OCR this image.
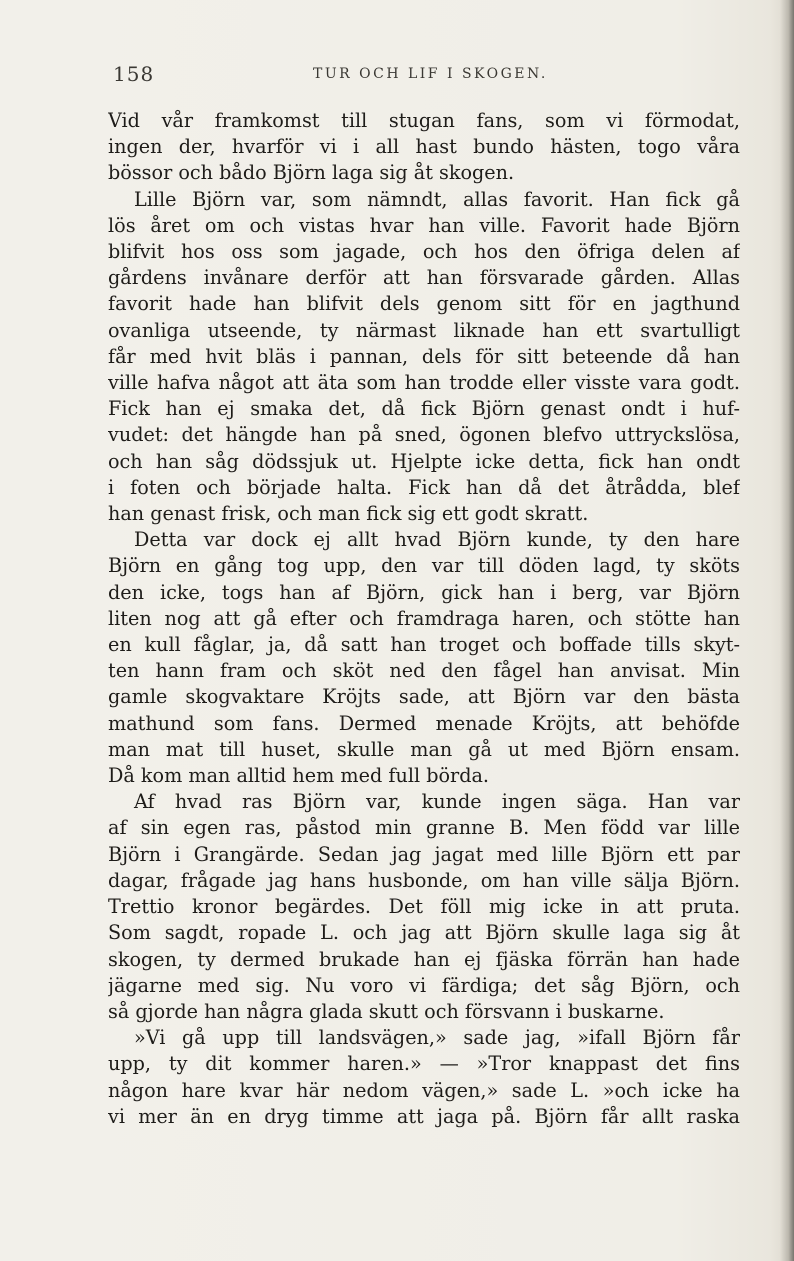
158	TUR OCH LIF I SKOGEN.
Vid vår framkomst till stugan fans, som vi förmodat,
ingen der, hvarför vi i all hast bundo hästen, togo våra
bössor och bådo Björn laga sig åt skogen.
Lille Björn var, som nämndt, allas favorit. Han fick gå
lös året om och vistas hvar han ville. Favorit hade Björn
blifvit hos oss som jagade, och hos den öfriga delen af
gårdens invånare derför att han försvarade gården. Allas
favorit hade han blifvit dels genom sitt för en jagthund
ovanliga utseende, ty närmast liknade han ett svartulligt
får med hvit bläs i pannan, dels för sitt beteende då han
ville hafva något att äta som han trodde eller visste vara godt.
Fick han ej smaka det, då fick Björn genast ondt i huf-
vudet: det hängde han på sned, ögonen blefvo uttryckslösa,
och han såg dödssjuk ut. Hjelpte icke detta, fick han ondt
i foten och började halta. Fick han då det åtrådda, blef
han genast frisk, och man fick sig ett godt skratt.
Detta var dock ej allt hvad Björn kunde, ty den hare
Björn en gång tog upp, den var till döden lagd, ty sköts
den icke, togs han af Björn, gick han i berg, var Björn
liten nog att gå efter och framdraga haren, och stötte han
en kull fåglar, ja, då satt han troget och boffade tills skyt-
ten hann fram och sköt ned den fågel han anvisat. Min
gamle skogvaktare Kröjts sade, att Björn var den bästa
mathund som fans. Dermed menade Kröjts, att behöfde
man mat till huset, skulle man gå ut med Björn ensam.
Då kom man alltid hem med full börda.
Af hvad ras Björn var, kunde ingen säga. Han var
af sin egen ras, påstod min granne B. Men född var lille
Björn i Grangärde. Sedan jag jagat med lille Björn ett par
dagar, frågade jag hans husbonde, om han ville sälja Björn.
Trettio kronor begärdes. Det föll mig icke in att pruta.
Som sagdt, ropade L. och jag att Björn skulle laga sig åt
skogen, ty dermed brukade han ej fjäska förrän han hade
jägarne med sig. Nu voro vi färdiga; det såg Björn, och
så gjorde han några glada skutt och försvann i buskarne.
»Vi gå upp till landsvägen,» sade jag, »ifall Björn får
upp, ty dit kommer haren.» — »Tror knappast det fins
någon hare kvar här nedom vägen,» sade L. »och icke ha
vi mer än en dryg timme att jaga på. Björn får allt raska
